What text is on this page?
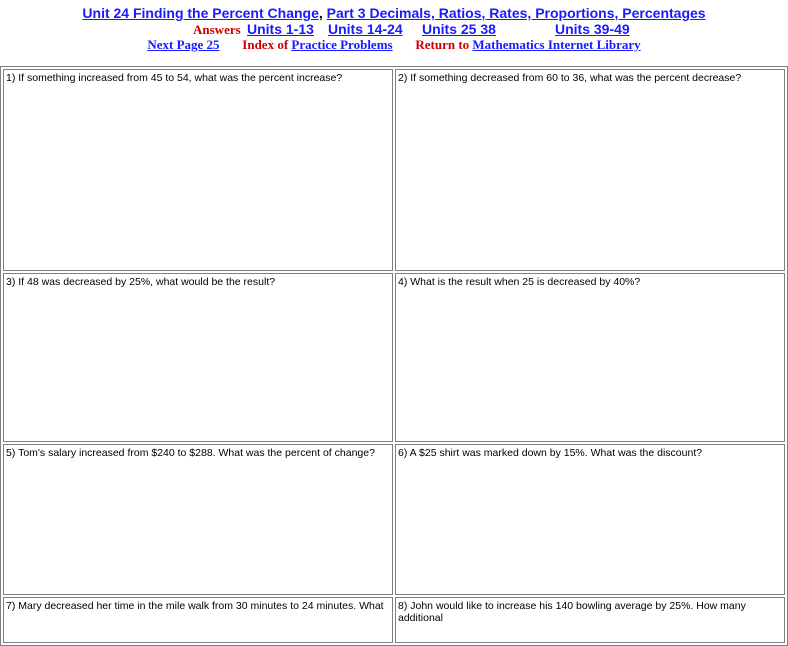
Unit 24 Finding the Percent Change, Part 3 Decimals, Ratios, Rates, Proportions, Percentages
Answers Units 1-13 Units 14-24 Units 25 38	Units 39-49
Next Page 25 Index of Practice Problems Return to Mathematics Internet Library
1) If something increased from 45 to 54, what was the percent increase?	2) If something decreased from 60 to 36, what was the percent decrease?
3) If 48 was decreased by 25%, what would be the result?	4) What is the result when 25 is decreased by 40%?
5) Tom's salary increased from $240 to $288. What was the percent of change?	6) A $25 shirt was marked down by 15%. What was the discount?
7) Mary decreased her time in the mile walk from 30 minutes to 24 minutes. What	8) John would like to increase his 140 bowling average by 25%. How many additional
